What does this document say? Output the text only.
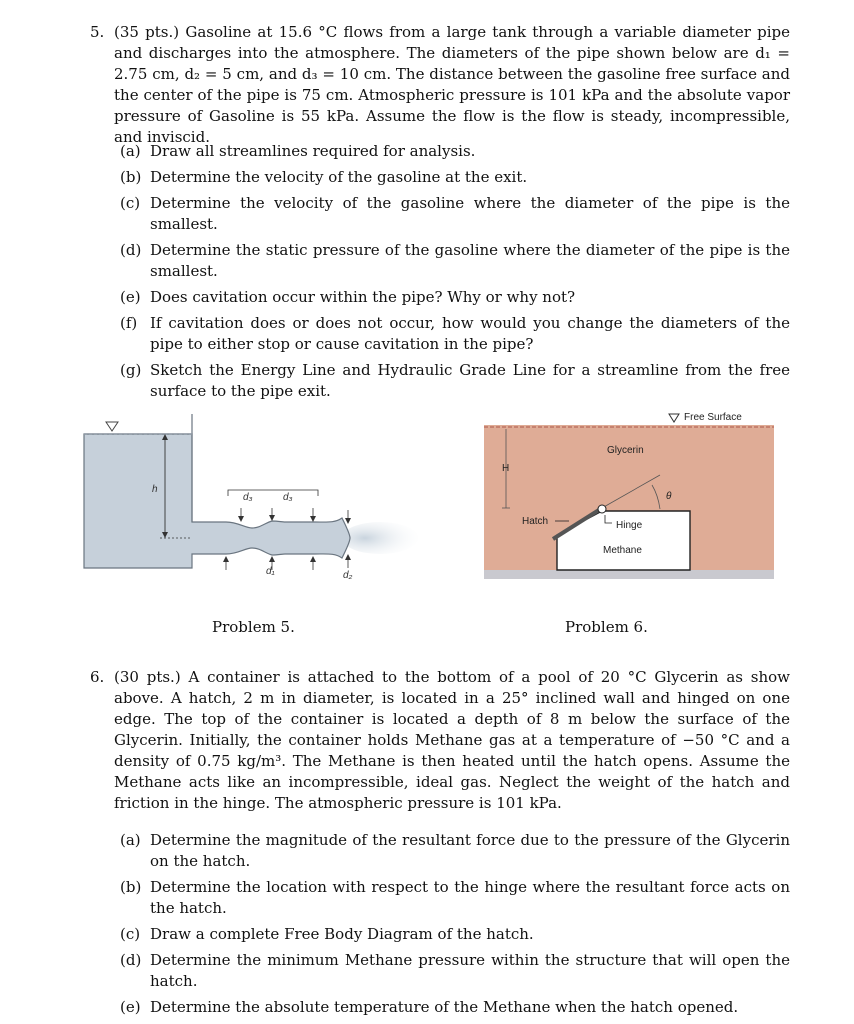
5. (35 pts.) Gasoline at 15.6 °C flows from a large tank through a variable diameter pipe and discharges into the atmosphere. The diameters of the pipe shown below are d₁ = 2.75 cm, d₂ = 5 cm, and d₃ = 10 cm. The distance between the gasoline free surface and the center of the pipe is 75 cm. Atmospheric pressure is 101 kPa and the absolute vapor pressure of Gasoline is 55 kPa. Assume the flow is the flow is steady, incompressible, and inviscid.
(a) Draw all streamlines required for analysis.
(b) Determine the velocity of the gasoline at the exit.
(c) Determine the velocity of the gasoline where the diameter of the pipe is the smallest.
(d) Determine the static pressure of the gasoline where the diameter of the pipe is the smallest.
(e) Does cavitation occur within the pipe? Why or why not?
(f) If cavitation does or does not occur, how would you change the diameters of the pipe to either stop or cause cavitation in the pipe?
(g) Sketch the Energy Line and Hydraulic Grade Line for a streamline from the free surface to the pipe exit.
h
d₃	d₃
d₁	d₂
Problem 5.
Free Surface
Glycerin
H
θ
Hatch	Hinge
Methane
Problem 6.
6. (30 pts.) A container is attached to the bottom of a pool of 20 °C Glycerin as show above. A hatch, 2 m in diameter, is located in a 25° inclined wall and hinged on one edge. The top of the container is located a depth of 8 m below the surface of the Glycerin. Initially, the container holds Methane gas at a temperature of −50 °C and a density of 0.75 kg/m³. The Methane is then heated until the hatch opens. Assume the Methane acts like an incompressible, ideal gas. Neglect the weight of the hatch and friction in the hinge. The atmospheric pressure is 101 kPa.
(a) Determine the magnitude of the resultant force due to the pressure of the Glycerin on the hatch.
(b) Determine the location with respect to the hinge where the resultant force acts on the hatch.
(c) Draw a complete Free Body Diagram of the hatch.
(d) Determine the minimum Methane pressure within the structure that will open the hatch.
(e) Determine the absolute temperature of the Methane when the hatch opened.
